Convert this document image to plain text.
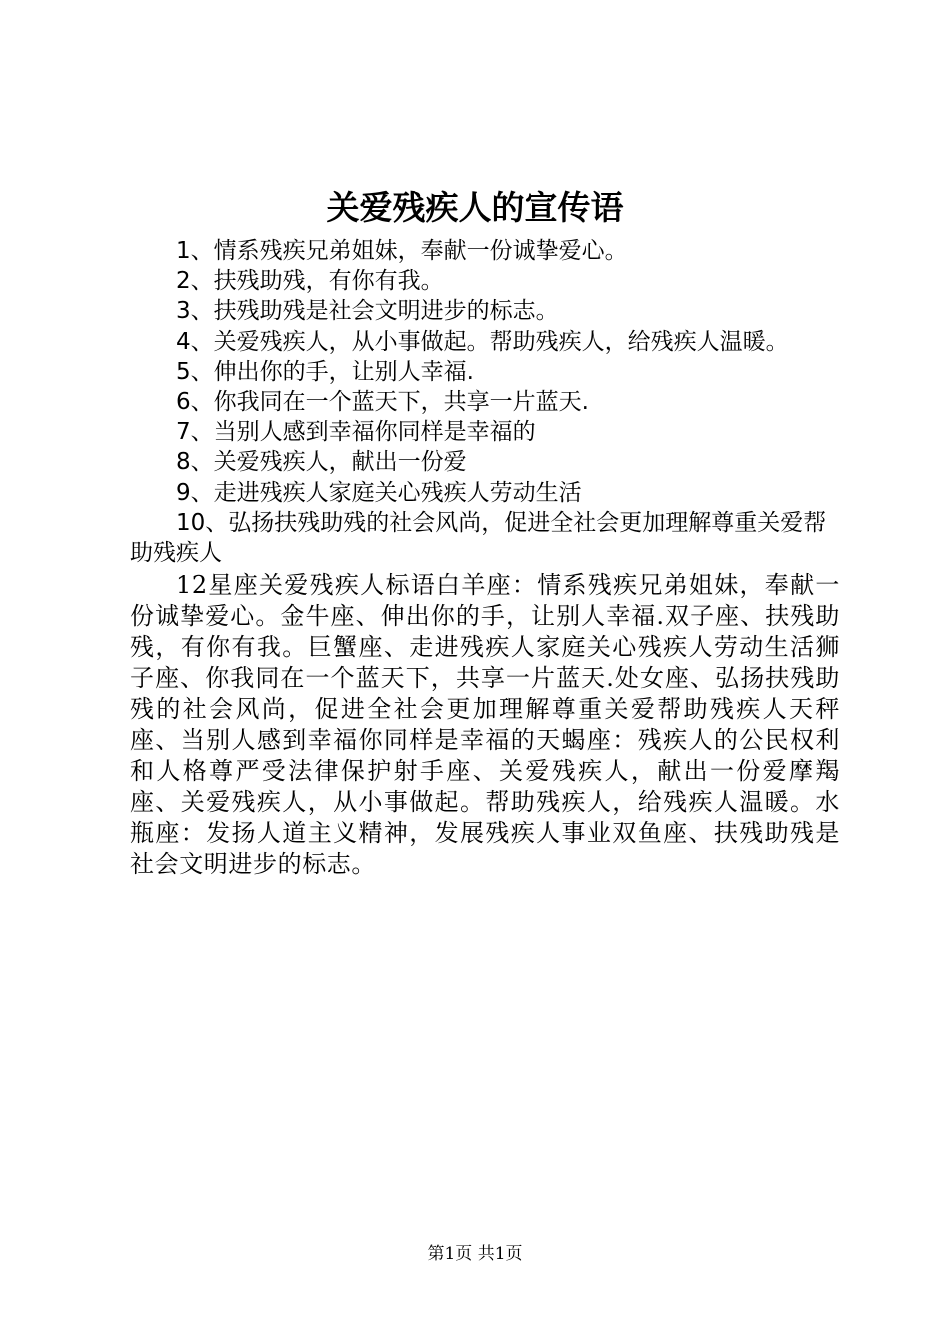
关爱残疾人的宣传语
1、情系残疾兄弟姐妹，奉献一份诚挚爱心。
2、扶残助残，有你有我。
3、扶残助残是社会文明进步的标志。
4、关爱残疾人，从小事做起。帮助残疾人，给残疾人温暖。
5、伸出你的手，让别人幸福.
6、你我同在一个蓝天下，共享一片蓝天.
7、当别人感到幸福你同样是幸福的
8、关爱残疾人，献出一份爱
9、走进残疾人家庭关心残疾人劳动生活
10、弘扬扶残助残的社会风尚，促进全社会更加理解尊重关爱帮助残疾人

12星座关爱残疾人标语白羊座：情系残疾兄弟姐妹，奉献一份诚挚爱心。金牛座、伸出你的手，让别人幸福.双子座、扶残助残，有你有我。巨蟹座、走进残疾人家庭关心残疾人劳动生活狮子座、你我同在一个蓝天下，共享一片蓝天.处女座、弘扬扶残助残的社会风尚，促进全社会更加理解尊重关爱帮助残疾人天秤座、当别人感到幸福你同样是幸福的天蝎座：残疾人的公民权利和人格尊严受法律保护射手座、关爱残疾人，献出一份爱摩羯座、关爱残疾人，从小事做起。帮助残疾人，给残疾人温暖。水瓶座：发扬人道主义精神，发展残疾人事业双鱼座、扶残助残是社会文明进步的标志。

第1页 共1页
